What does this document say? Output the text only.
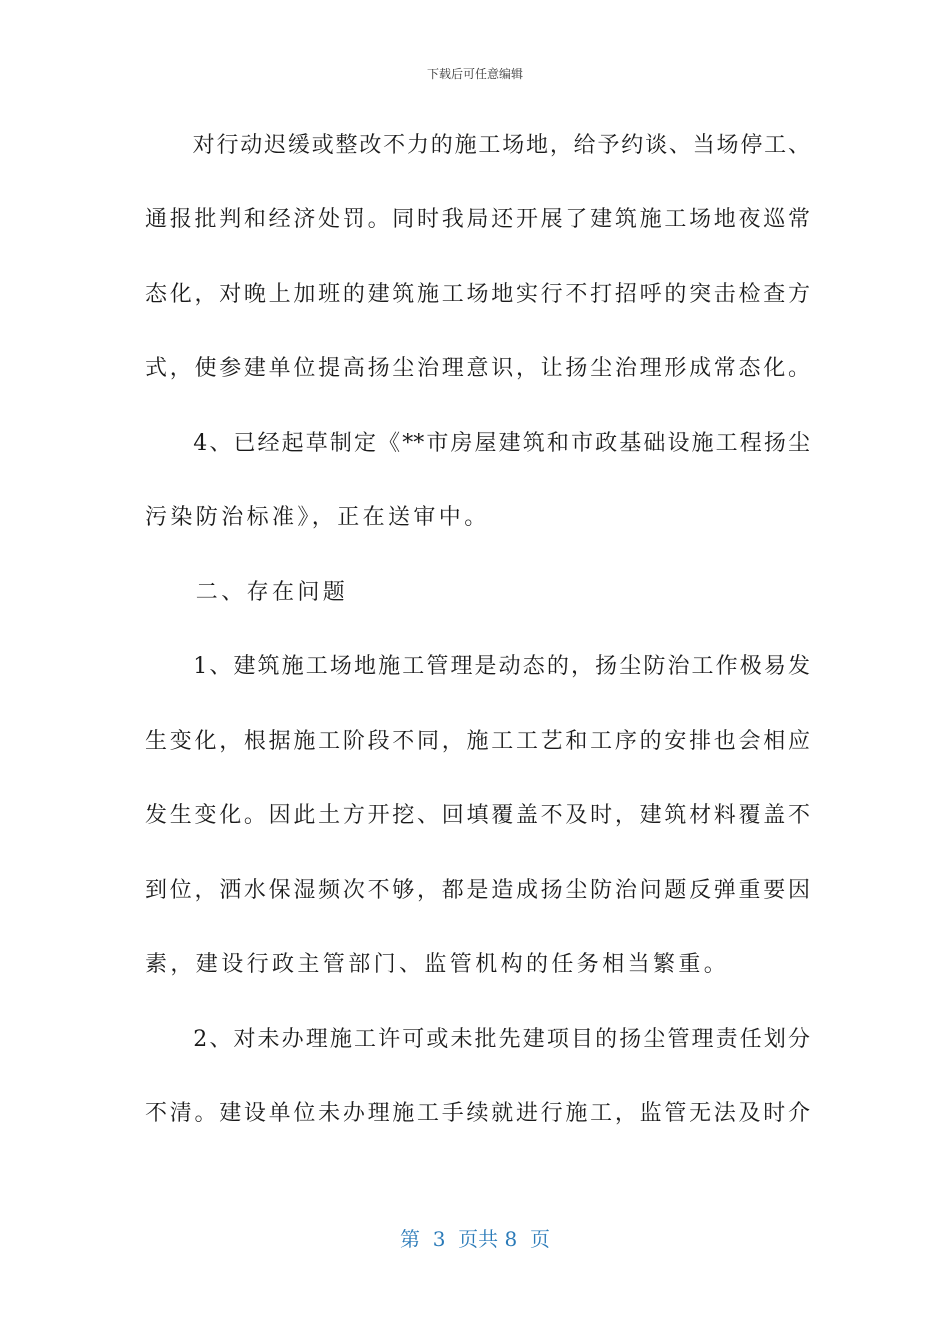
下载后可任意编辑
　　对行动迟缓或整改不力的施工场地，给予约谈、当场停工、
通报批判和经济处罚。同时我局还开展了建筑施工场地夜巡常
态化，对晚上加班的建筑施工场地实行不打招呼的突击检查方
式，使参建单位提高扬尘治理意识，让扬尘治理形成常态化。
　　4、已经起草制定《**市房屋建筑和市政基础设施工程扬尘
污染防治标准》，正在送审中。
　　二、存在问题
　　1、建筑施工场地施工管理是动态的，扬尘防治工作极易发
生变化，根据施工阶段不同，施工工艺和工序的安排也会相应
发生变化。因此土方开挖、回填覆盖不及时，建筑材料覆盖不
到位，洒水保湿频次不够，都是造成扬尘防治问题反弹重要因
素，建设行政主管部门、监管机构的任务相当繁重。
　　2、对未办理施工许可或未批先建项目的扬尘管理责任划分
不清。建设单位未办理施工手续就进行施工，监管无法及时介
第  3  页共 8  页
